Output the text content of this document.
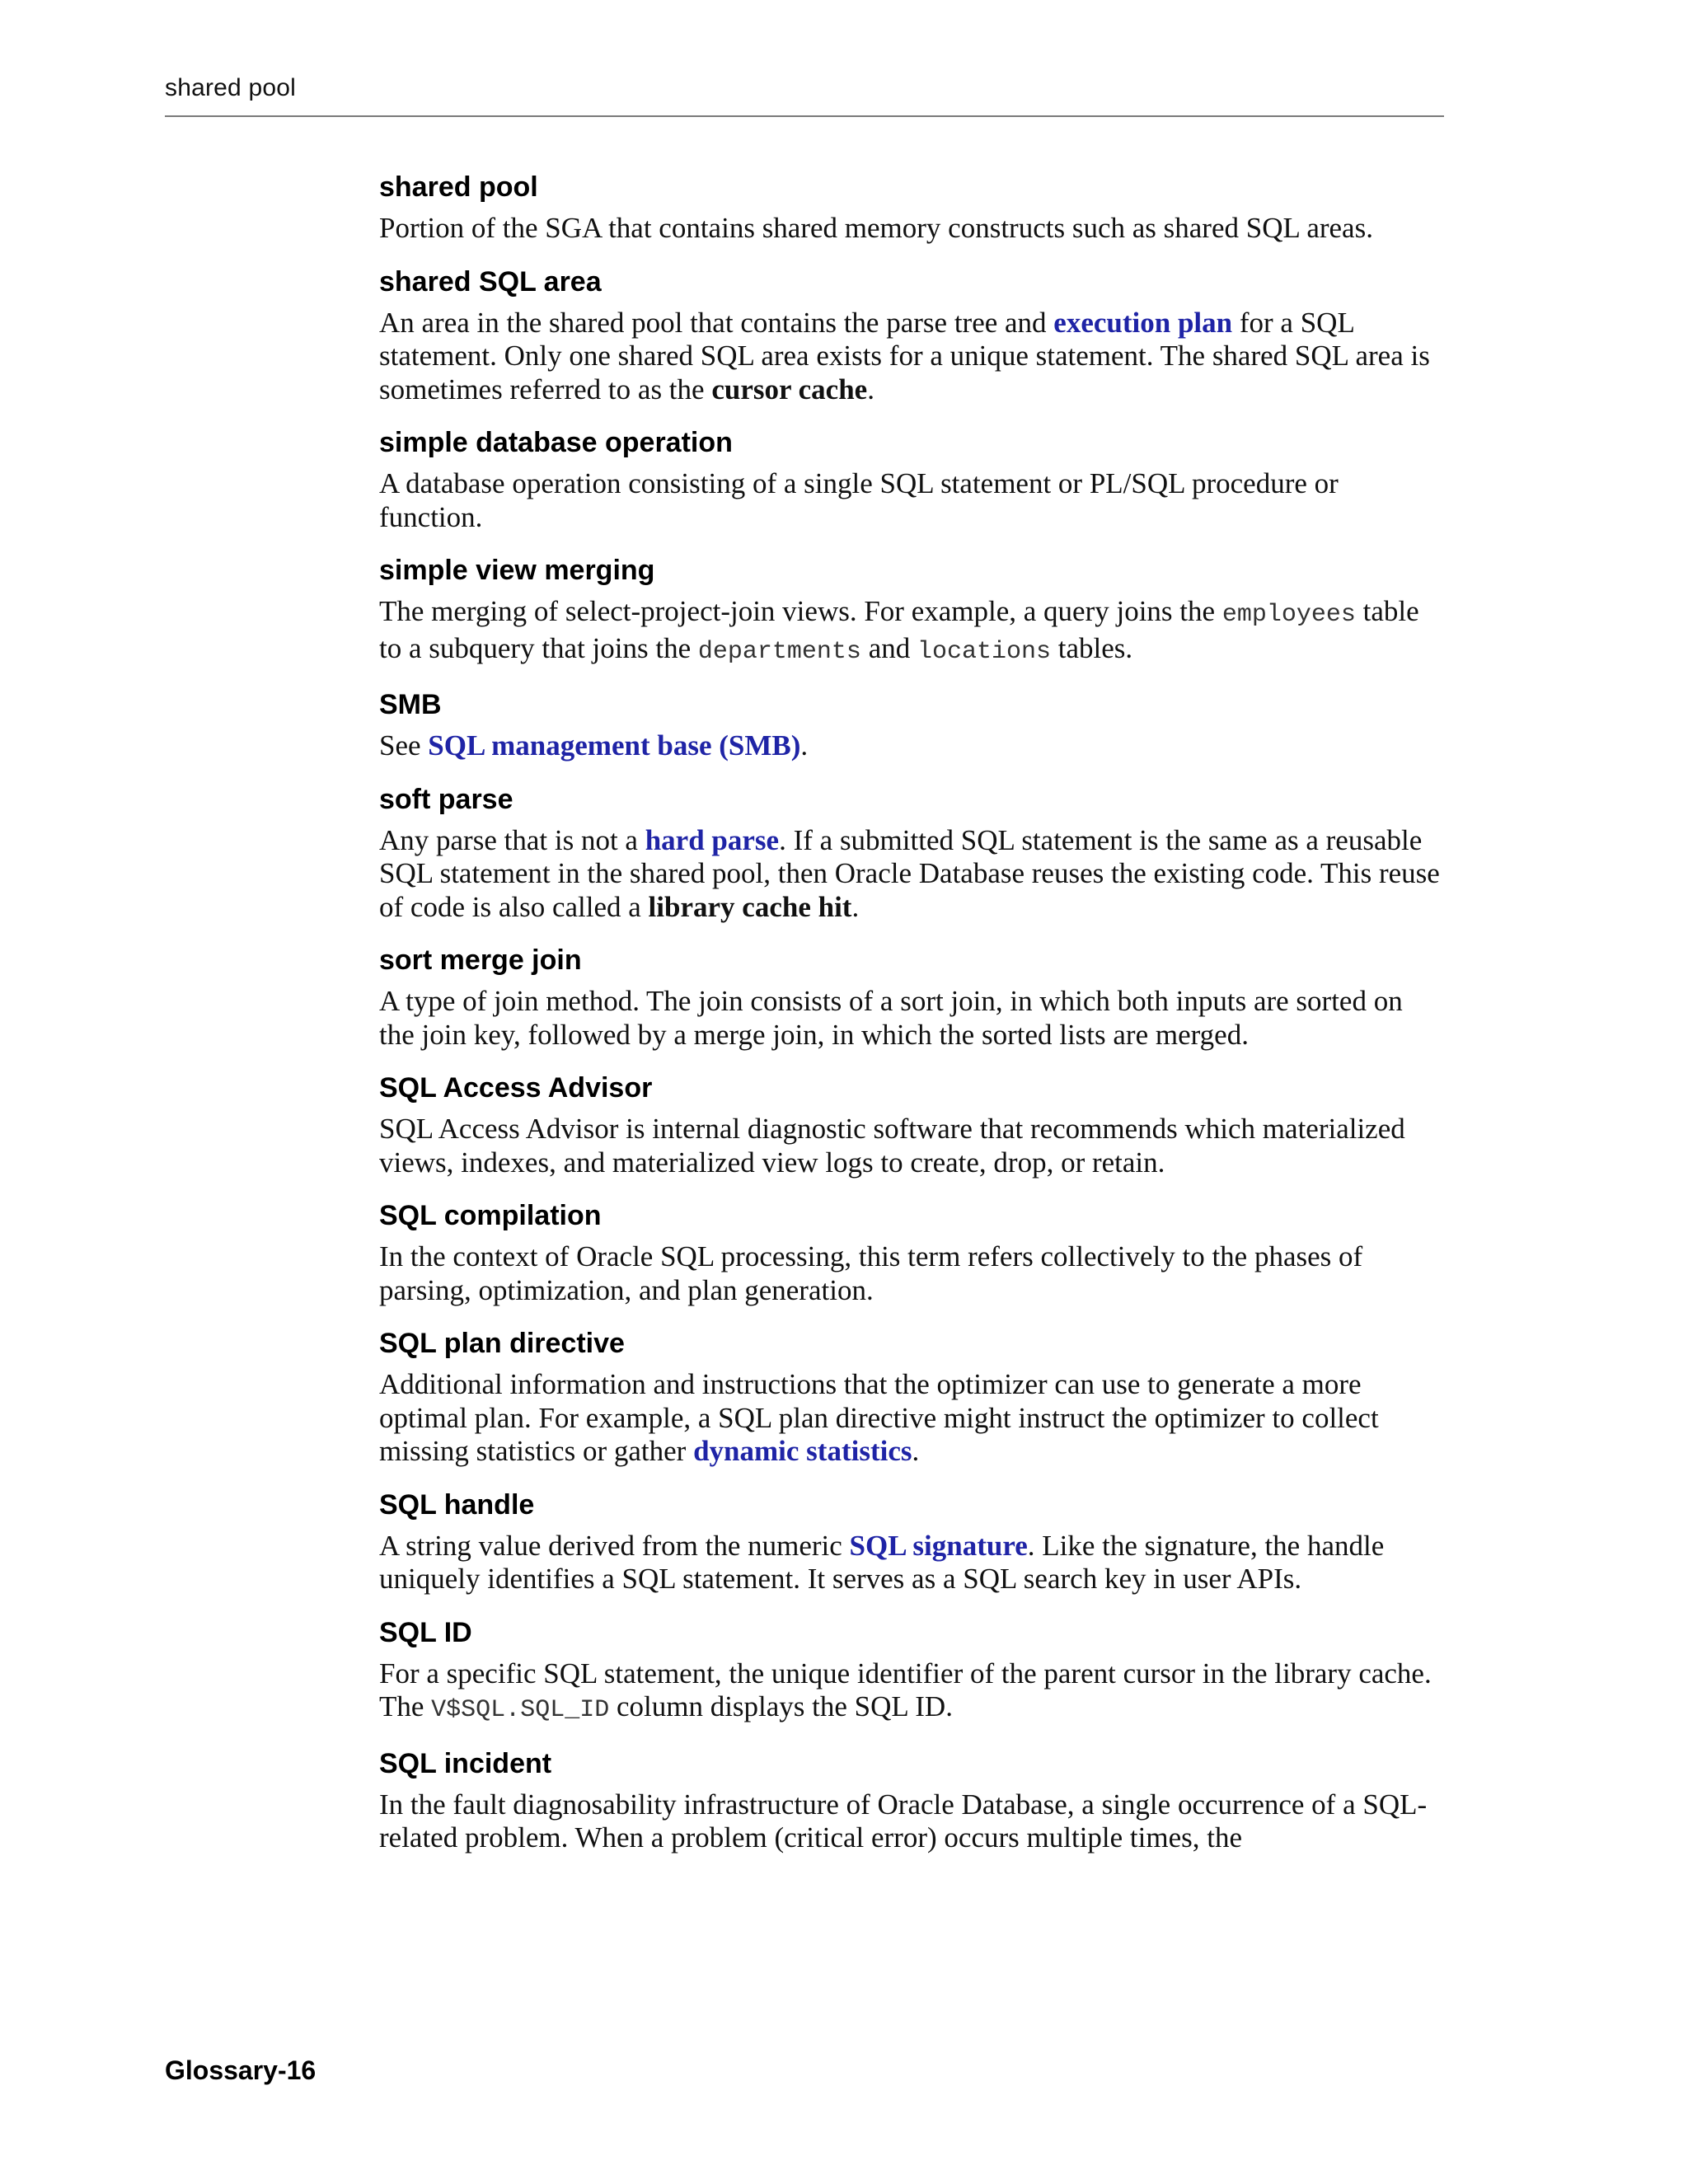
shared pool
shared pool

Portion of the SGA that contains shared memory constructs such as shared SQL areas.

shared SQL area

An area in the shared pool that contains the parse tree and execution plan for a SQL statement. Only one shared SQL area exists for a unique statement. The shared SQL area is sometimes referred to as the cursor cache.

simple database operation

A database operation consisting of a single SQL statement or PL/SQL procedure or function.

simple view merging

The merging of select-project-join views. For example, a query joins the employees table to a subquery that joins the departments and locations tables.

SMB

See SQL management base (SMB).

soft parse

Any parse that is not a hard parse. If a submitted SQL statement is the same as a reusable SQL statement in the shared pool, then Oracle Database reuses the existing code. This reuse of code is also called a library cache hit.

sort merge join

A type of join method. The join consists of a sort join, in which both inputs are sorted on the join key, followed by a merge join, in which the sorted lists are merged.

SQL Access Advisor

SQL Access Advisor is internal diagnostic software that recommends which materialized views, indexes, and materialized view logs to create, drop, or retain.

SQL compilation

In the context of Oracle SQL processing, this term refers collectively to the phases of parsing, optimization, and plan generation.

SQL plan directive

Additional information and instructions that the optimizer can use to generate a more optimal plan. For example, a SQL plan directive might instruct the optimizer to collect missing statistics or gather dynamic statistics.

SQL handle

A string value derived from the numeric SQL signature. Like the signature, the handle uniquely identifies a SQL statement. It serves as a SQL search key in user APIs.

SQL ID

For a specific SQL statement, the unique identifier of the parent cursor in the library cache. The V$SQL.SQL_ID column displays the SQL ID.

SQL incident

In the fault diagnosability infrastructure of Oracle Database, a single occurrence of a SQL-related problem. When a problem (critical error) occurs multiple times, the

Glossary-16
